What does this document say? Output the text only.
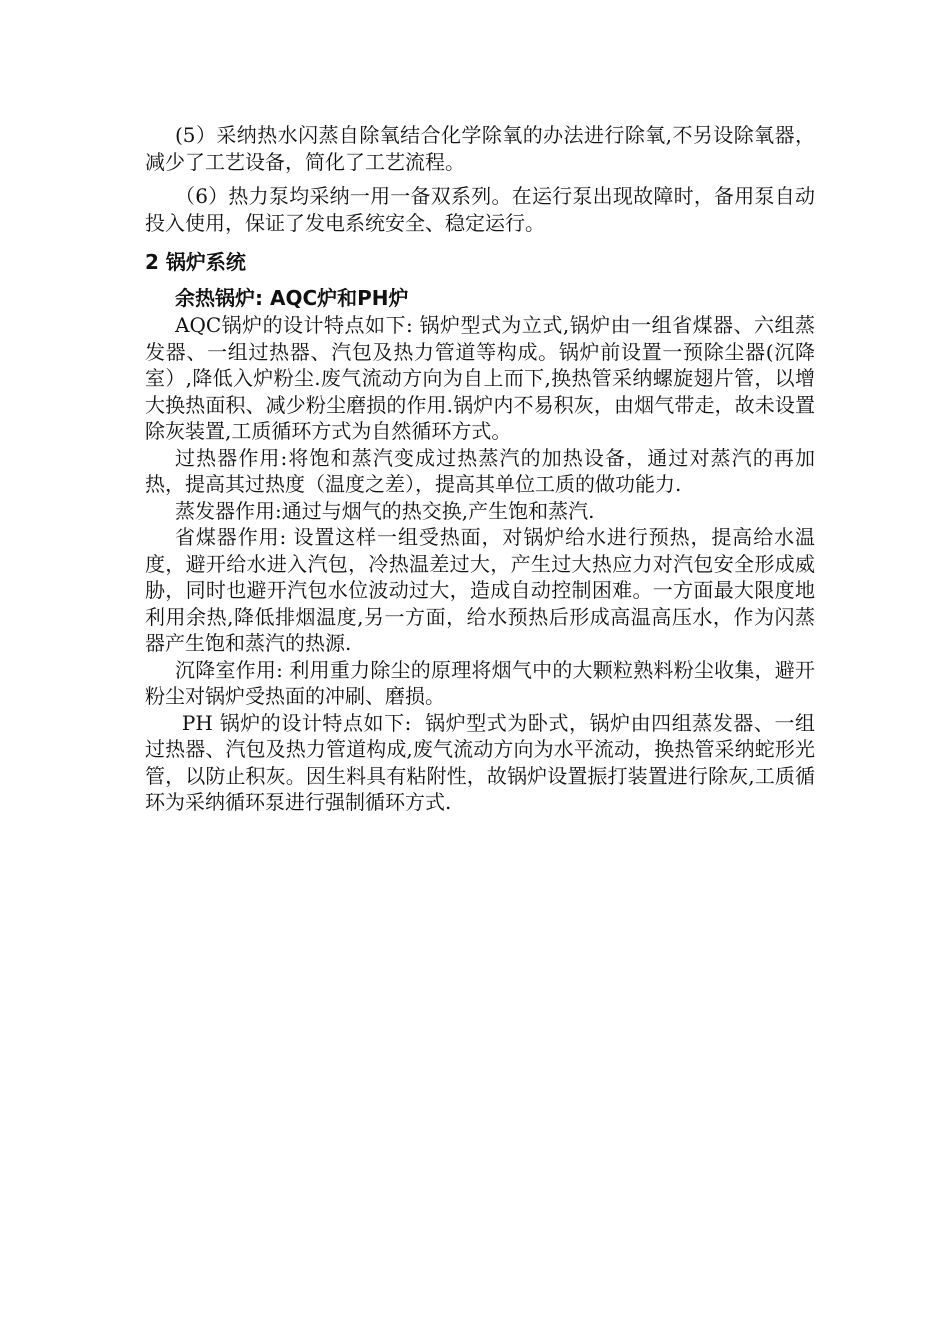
(5）采纳热水闪蒸自除氧结合化学除氧的办法进行除氧,不另设除氧器，减少了工艺设备，简化了工艺流程。

（6）热力泵均采纳一用一备双系列。在运行泵出现故障时，备用泵自动投入使用，保证了发电系统安全、稳定运行。

2 锅炉系统
余热锅炉: AQC炉和PH炉

AQC锅炉的设计特点如下: 锅炉型式为立式,锅炉由一组省煤器、六组蒸发器、一组过热器、汽包及热力管道等构成。锅炉前设置一预除尘器(沉降室）,降低入炉粉尘.废气流动方向为自上而下,换热管采纳螺旋翅片管，以增大换热面积、减少粉尘磨损的作用.锅炉内不易积灰，由烟气带走，故未设置除灰装置,工质循环方式为自然循环方式。

过热器作用:将饱和蒸汽变成过热蒸汽的加热设备，通过对蒸汽的再加热，提高其过热度（温度之差），提高其单位工质的做功能力.

蒸发器作用:通过与烟气的热交换,产生饱和蒸汽.

省煤器作用: 设置这样一组受热面，对锅炉给水进行预热，提高给水温度，避开给水进入汽包，冷热温差过大，产生过大热应力对汽包安全形成威胁，同时也避开汽包水位波动过大，造成自动控制困难。一方面最大限度地利用余热,降低排烟温度,另一方面，给水预热后形成高温高压水，作为闪蒸器产生饱和蒸汽的热源.

沉降室作用: 利用重力除尘的原理将烟气中的大颗粒熟料粉尘收集，避开粉尘对锅炉受热面的冲刷、磨损。

PH 锅炉的设计特点如下:  锅炉型式为卧式，锅炉由四组蒸发器、一组过热器、汽包及热力管道构成,废气流动方向为水平流动，换热管采纳蛇形光管，以防止积灰。因生料具有粘附性，故锅炉设置振打装置进行除灰,工质循环为采纳循环泵进行强制循环方式.
